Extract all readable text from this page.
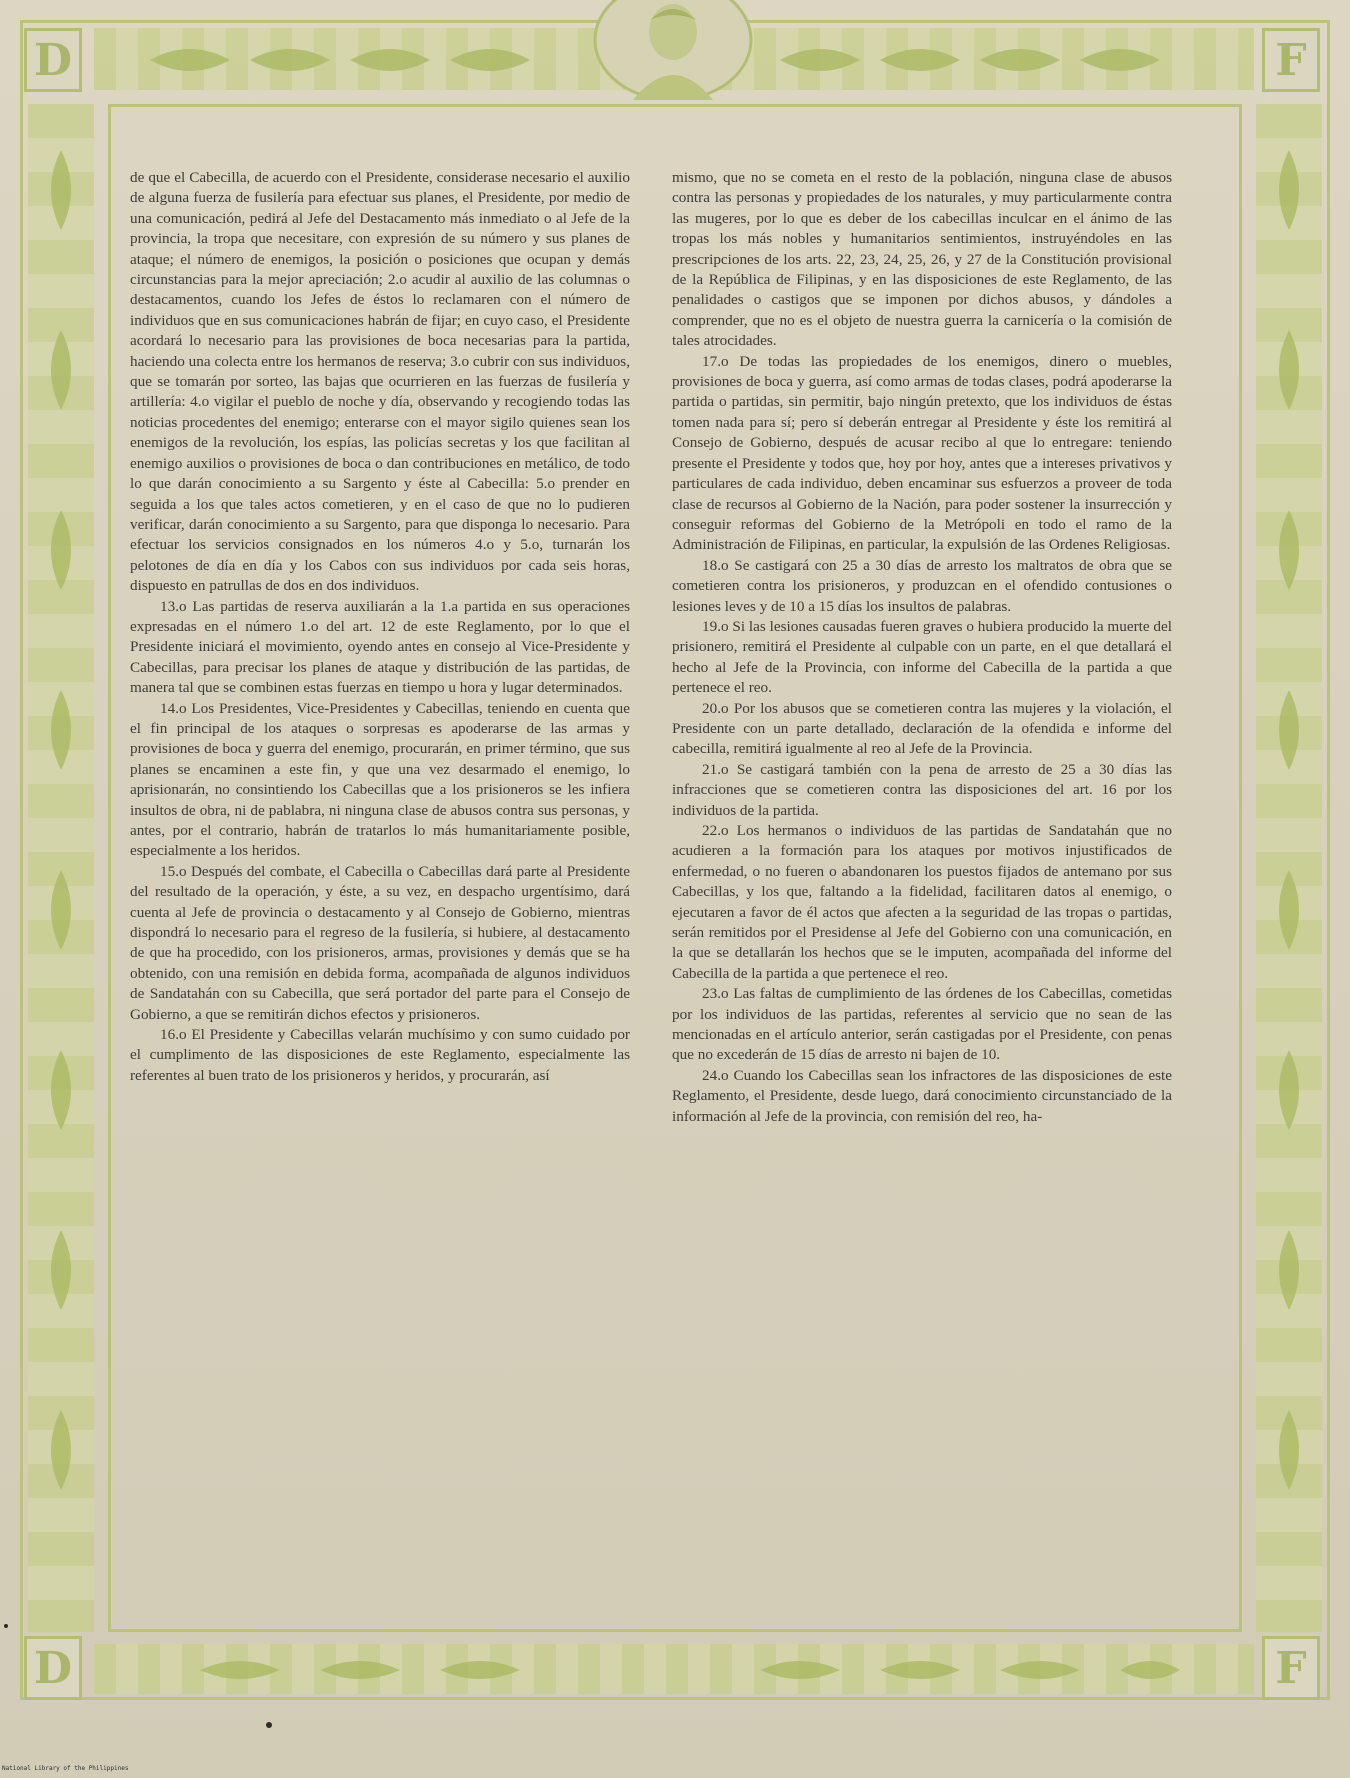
D	F
D	F

de que el Cabecilla, de acuerdo con el Presidente, considerase necesario el auxilio de alguna fuerza de fusilería para efectuar sus planes, el Presidente, por medio de una comunicación, pedirá al Jefe del Destacamento más inmediato o al Jefe de la provincia, la tropa que necesitare, con expresión de su número y sus planes de ataque; el número de enemigos, la posición o posiciones que ocupan y demás circunstancias para la mejor apreciación; 2.o acudir al auxilio de las columnas o destacamentos, cuando los Jefes de éstos lo reclamaren con el número de individuos que en sus comunicaciones habrán de fijar; en cuyo caso, el Presidente acordará lo necesario para las provisiones de boca necesarias para la partida, haciendo una colecta entre los hermanos de reserva; 3.o cubrir con sus individuos, que se tomarán por sorteo, las bajas que ocurrieren en las fuerzas de fusilería y artillería: 4.o vigilar el pueblo de noche y día, observando y recogiendo todas las noticias procedentes del enemigo; enterarse con el mayor sigilo quienes sean los enemigos de la revolución, los espías, las policías secretas y los que facilitan al enemigo auxilios o provisiones de boca o dan contribuciones en metálico, de todo lo que darán conocimiento a su Sargento y éste al Cabecilla: 5.o prender en seguida a los que tales actos cometieren, y en el caso de que no lo pudieren verificar, darán conocimiento a su Sargento, para que disponga lo necesario. Para efectuar los servicios consignados en los números 4.o y 5.o, turnarán los pelotones de día en día y los Cabos con sus individuos por cada seis horas, dispuesto en patrullas de dos en dos individuos.

13.o Las partidas de reserva auxiliarán a la 1.a partida en sus operaciones expresadas en el número 1.o del art. 12 de este Reglamento, por lo que el Presidente iniciará el movimiento, oyendo antes en consejo al Vice-Presidente y Cabecillas, para precisar los planes de ataque y distribución de las partidas, de manera tal que se combinen estas fuerzas en tiempo u hora y lugar determinados.

14.o Los Presidentes, Vice-Presidentes y Cabecillas, teniendo en cuenta que el fin principal de los ataques o sorpresas es apoderarse de las armas y provisiones de boca y guerra del enemigo, procurarán, en primer término, que sus planes se encaminen a este fin, y que una vez desarmado el enemigo, lo aprisionarán, no consintiendo los Cabecillas que a los prisioneros se les infiera insultos de obra, ni de pablabra, ni ninguna clase de abusos contra sus personas, y antes, por el contrario, habrán de tratarlos lo más humanitariamente posible, especialmente a los heridos.

15.o Después del combate, el Cabecilla o Cabecillas dará parte al Presidente del resultado de la operación, y éste, a su vez, en despacho urgentísimo, dará cuenta al Jefe de provincia o destacamento y al Consejo de Gobierno, mientras dispondrá lo necesario para el regreso de la fusilería, si hubiere, al destacamento de que ha procedido, con los prisioneros, armas, provisiones y demás que se ha obtenido, con una remisión en debida forma, acompañada de algunos individuos de Sandatahán con su Cabecilla, que será portador del parte para el Consejo de Gobierno, a que se remitirán dichos efectos y prisioneros.

16.o El Presidente y Cabecillas velarán muchísimo y con sumo cuidado por el cumplimento de las disposiciones de este Reglamento, especialmente las referentes al buen trato de los prisioneros y heridos, y procurarán, así

mismo, que no se cometa en el resto de la población, ninguna clase de abusos contra las personas y propiedades de los naturales, y muy particularmente contra las mugeres, por lo que es deber de los cabecillas inculcar en el ánimo de las tropas los más nobles y humanitarios sentimientos, instruyéndoles en las prescripciones de los arts. 22, 23, 24, 25, 26, y 27 de la Constitución provisional de la República de Filipinas, y en las disposiciones de este Reglamento, de las penalidades o castigos que se imponen por dichos abusos, y dándoles a comprender, que no es el objeto de nuestra guerra la carnicería o la comisión de tales atrocidades.

17.o De todas las propiedades de los enemigos, dinero o muebles, provisiones de boca y guerra, así como armas de todas clases, podrá apoderarse la partida o partidas, sin permitir, bajo ningún pretexto, que los individuos de éstas tomen nada para sí; pero sí deberán entregar al Presidente y éste los remitirá al Consejo de Gobierno, después de acusar recibo al que lo entregare: teniendo presente el Presidente y todos que, hoy por hoy, antes que a intereses privativos y particulares de cada individuo, deben encaminar sus esfuerzos a proveer de toda clase de recursos al Gobierno de la Nación, para poder sostener la insurrección y conseguir reformas del Gobierno de la Metrópoli en todo el ramo de la Administración de Filipinas, en particular, la expulsión de las Ordenes Religiosas.

18.o Se castigará con 25 a 30 días de arresto los maltratos de obra que se cometieren contra los prisioneros, y produzcan en el ofendido contusiones o lesiones leves y de 10 a 15 días los insultos de palabras.

19.o Si las lesiones causadas fueren graves o hubiera producido la muerte del prisionero, remitirá el Presidente al culpable con un parte, en el que detallará el hecho al Jefe de la Provincia, con informe del Cabecilla de la partida a que pertenece el reo.

20.o Por los abusos que se cometieren contra las mujeres y la violación, el Presidente con un parte detallado, declaración de la ofendida e informe del cabecilla, remitirá igualmente al reo al Jefe de la Provincia.

21.o Se castigará también con la pena de arresto de 25 a 30 días las infracciones que se cometieren contra las disposiciones del art. 16 por los individuos de la partida.

22.o Los hermanos o individuos de las partidas de Sandatahán que no acudieren a la formación para los ataques por motivos injustificados de enfermedad, o no fueren o abandonaren los puestos fijados de antemano por sus Cabecillas, y los que, faltando a la fidelidad, facilitaren datos al enemigo, o ejecutaren a favor de él actos que afecten a la seguridad de las tropas o partidas, serán remitidos por el Presidense al Jefe del Gobierno con una comunicación, en la que se detallarán los hechos que se le imputen, acompañada del informe del Cabecilla de la partida a que pertenece el reo.

23.o Las faltas de cumplimiento de las órdenes de los Cabecillas, cometidas por los individuos de las partidas, referentes al servicio que no sean de las mencionadas en el artículo anterior, serán castigadas por el Presidente, con penas que no excederán de 15 días de arresto ni bajen de 10.

24.o Cuando los Cabecillas sean los infractores de las disposiciones de este Reglamento, el Presidente, desde luego, dará conocimiento circunstanciado de la información al Jefe de la provincia, con remisión del reo, ha-

National Library of the Philippines
